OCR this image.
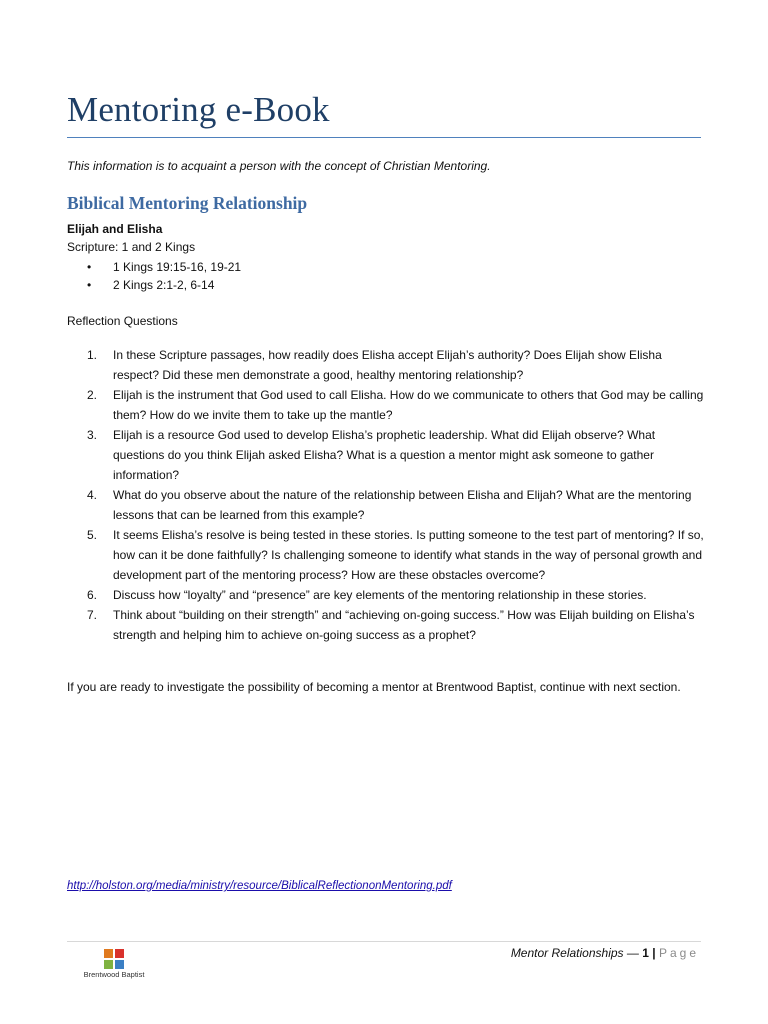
Mentoring e-Book
This information is to acquaint a person with the concept of Christian Mentoring.
Biblical Mentoring Relationship
Elijah and Elisha
Scripture: 1 and 2 Kings
• 1 Kings 19:15-16, 19-21
• 2 Kings 2:1-2, 6-14
Reflection Questions
1.	In these Scripture passages, how readily does Elisha accept Elijah’s authority? Does Elijah show Elisha respect? Did these men demonstrate a good, healthy mentoring relationship?
2.	Elijah is the instrument that God used to call Elisha. How do we communicate to others that God may be calling them? How do we invite them to take up the mantle?
3.	Elijah is a resource God used to develop Elisha’s prophetic leadership. What did Elijah observe? What questions do you think Elijah asked Elisha? What is a question a mentor might ask someone to gather information?
4.	What do you observe about the nature of the relationship between Elisha and Elijah? What are the mentoring lessons that can be learned from this example?
5.	It seems Elisha’s resolve is being tested in these stories. Is putting someone to the test part of mentoring? If so, how can it be done faithfully? Is challenging someone to identify what stands in the way of personal growth and development part of the mentoring process? How are these obstacles overcome?
6.	Discuss how “loyalty” and “presence” are key elements of the mentoring relationship in these stories.
7.	Think about “building on their strength” and “achieving on-going success.” How was Elijah building on Elisha’s strength and helping him to achieve on-going success as a prophet?
If you are ready to investigate the possibility of becoming a mentor at Brentwood Baptist, continue with next section.
http://holston.org/media/ministry/resource/BiblicalReflectiononMentoring.pdf
Brentwood Baptist
Mentor Relationships — 1 | Page
